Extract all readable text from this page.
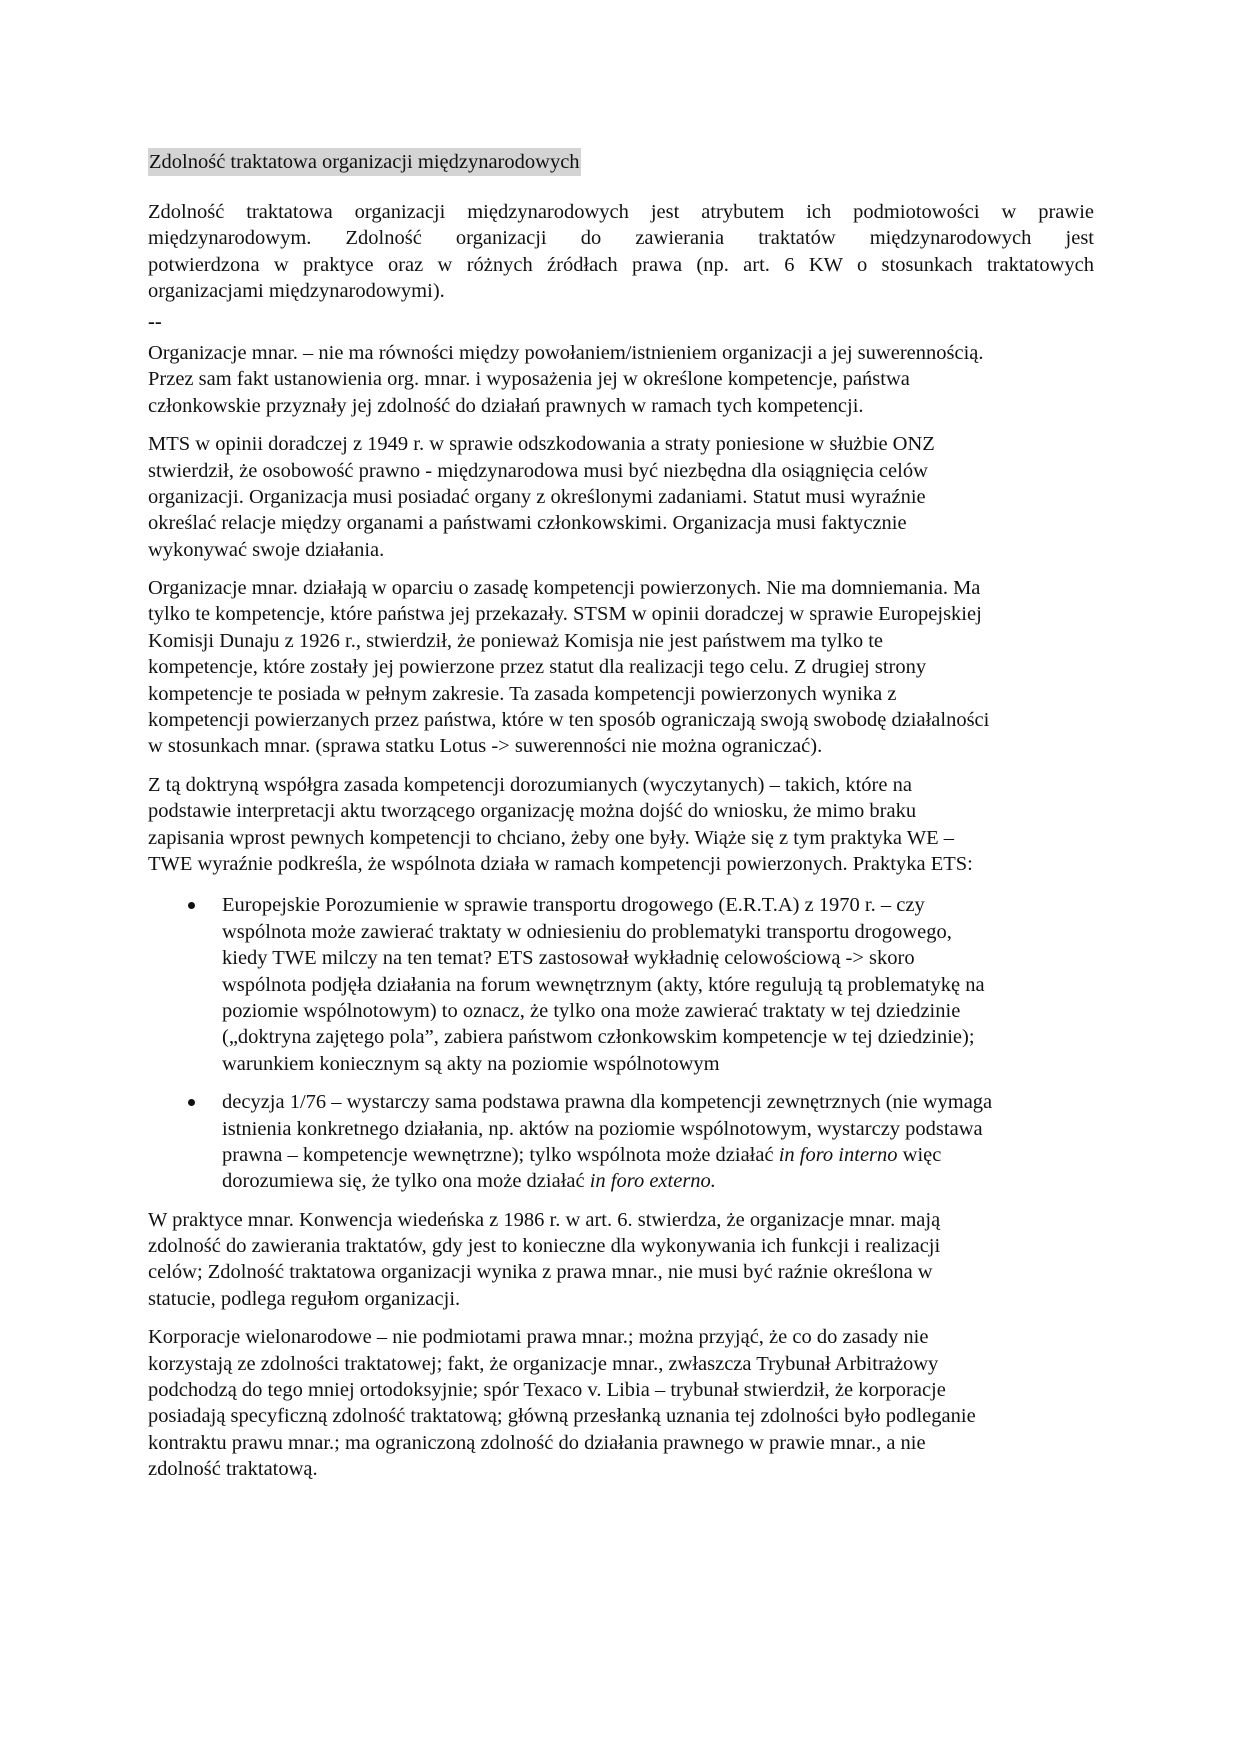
Zdolność traktatowa organizacji międzynarodowych
Zdolność traktatowa organizacji międzynarodowych jest atrybutem ich podmiotowości w prawie
międzynarodowym. Zdolność organizacji do zawierania traktatów międzynarodowych jest
potwierdzona w praktyce oraz w różnych źródłach prawa (np. art. 6 KW o stosunkach traktatowych
organizacjami międzynarodowymi).
--
Organizacje mnar. – nie ma równości między powołaniem/istnieniem organizacji a jej suwerennością.
Przez sam fakt ustanowienia org. mnar. i wyposażenia jej w określone kompetencje, państwa
członkowskie przyznały jej zdolność do działań prawnych w ramach tych kompetencji.
MTS w opinii doradczej z 1949 r. w sprawie odszkodowania a straty poniesione w służbie ONZ
stwierdził, że osobowość prawno - międzynarodowa musi być niezbędna dla osiągnięcia celów
organizacji. Organizacja musi posiadać organy z określonymi zadaniami. Statut musi wyraźnie
określać relacje między organami a państwami członkowskimi. Organizacja musi faktycznie
wykonywać swoje działania.
Organizacje mnar. działają w oparciu o zasadę kompetencji powierzonych. Nie ma domniemania. Ma
tylko te kompetencje, które państwa jej przekazały. STSM w opinii doradczej w sprawie Europejskiej
Komisji Dunaju z 1926 r., stwierdził, że ponieważ Komisja nie jest państwem ma tylko te
kompetencje, które zostały jej powierzone przez statut dla realizacji tego celu. Z drugiej strony
kompetencje te posiada w pełnym zakresie. Ta zasada kompetencji powierzonych wynika z
kompetencji powierzanych przez państwa, które w ten sposób ograniczają swoją swobodę działalności
w stosunkach mnar. (sprawa statku Lotus -> suwerenności nie można ograniczać).
Z tą doktryną współgra zasada kompetencji dorozumianych (wyczytanych) – takich, które na
podstawie interpretacji aktu tworzącego organizację można dojść do wniosku, że mimo braku
zapisania wprost pewnych kompetencji to chciano, żeby one były. Wiąże się z tym praktyka WE –
TWE wyraźnie podkreśla, że wspólnota działa w ramach kompetencji powierzonych. Praktyka ETS:
Europejskie Porozumienie w sprawie transportu drogowego (E.R.T.A) z 1970 r. – czy
wspólnota może zawierać traktaty w odniesieniu do problematyki transportu drogowego,
kiedy TWE milczy na ten temat? ETS zastosował wykładnię celowościową -> skoro
wspólnota podjęła działania na forum wewnętrznym (akty, które regulują tą problematykę na
poziomie wspólnotowym) to oznacz, że tylko ona może zawierać traktaty w tej dziedzinie
(„doktryna zajętego pola”, zabiera państwom członkowskim kompetencje w tej dziedzinie);
warunkiem koniecznym są akty na poziomie wspólnotowym
decyzja 1/76 – wystarczy sama podstawa prawna dla kompetencji zewnętrznych (nie wymaga
istnienia konkretnego działania, np. aktów na poziomie wspólnotowym, wystarczy podstawa
prawna – kompetencje wewnętrzne); tylko wspólnota może działać in foro interno więc
dorozumiewa się, że tylko ona może działać in foro externo.
W praktyce mnar. Konwencja wiedeńska z 1986 r. w art. 6. stwierdza, że organizacje mnar. mają
zdolność do zawierania traktatów, gdy jest to konieczne dla wykonywania ich funkcji i realizacji
celów; Zdolność traktatowa organizacji wynika z prawa mnar., nie musi być raźnie określona w
statucie, podlega regułom organizacji.
Korporacje wielonarodowe – nie podmiotami prawa mnar.; można przyjąć, że co do zasady nie
korzystają ze zdolności traktatowej; fakt, że organizacje mnar., zwłaszcza Trybunał Arbitrażowy
podchodzą do tego mniej ortodoksyjnie; spór Texaco v. Libia – trybunał stwierdził, że korporacje
posiadają specyficzną zdolność traktatową; główną przesłanką uznania tej zdolności było podleganie
kontraktu prawu mnar.; ma ograniczoną zdolność do działania prawnego w prawie mnar., a nie
zdolność traktatową.
